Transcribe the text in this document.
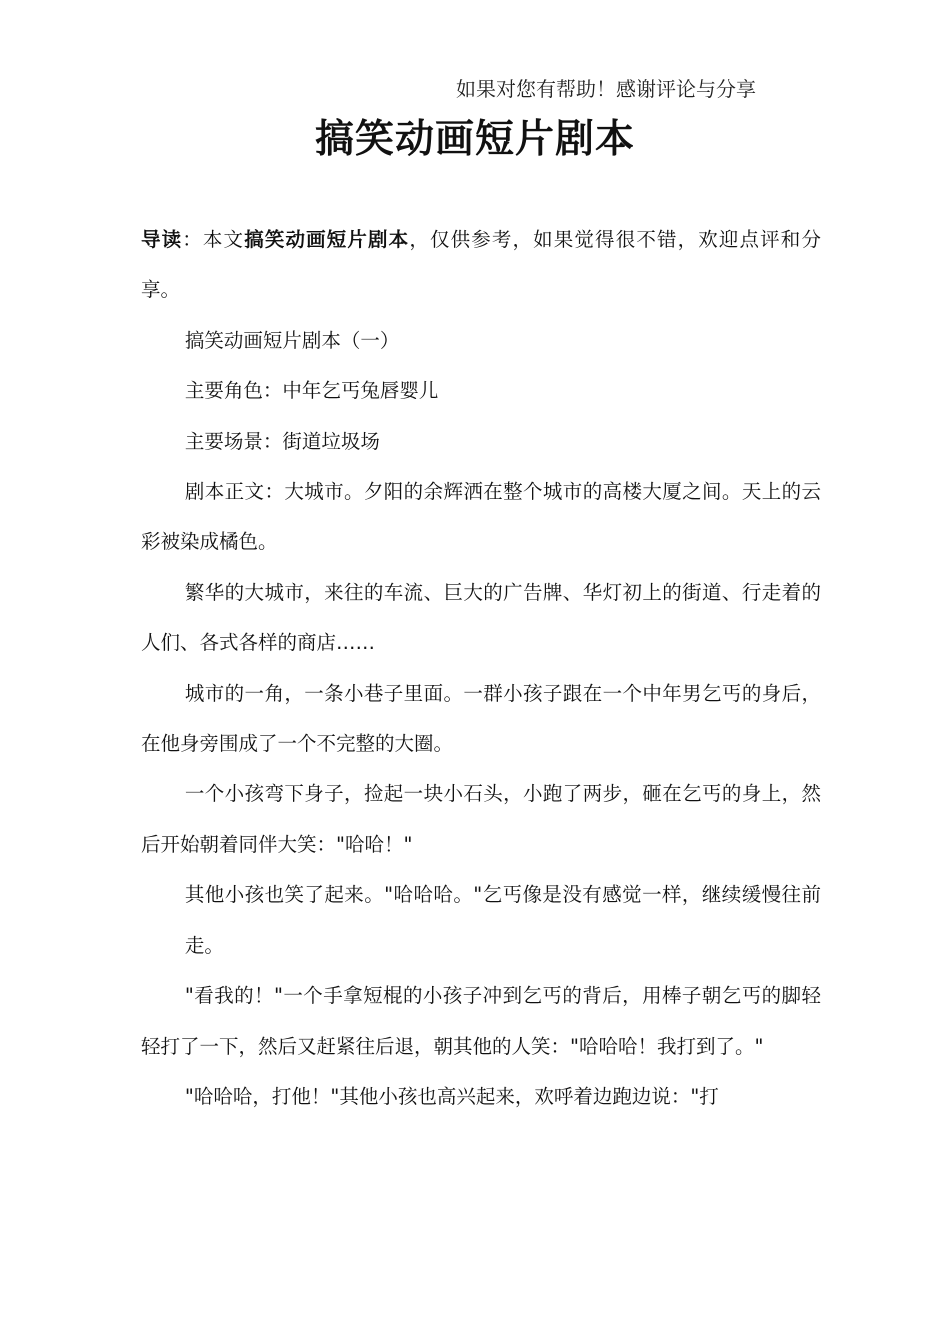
如果对您有帮助！感谢评论与分享
搞笑动画短片剧本

导读：本文搞笑动画短片剧本，仅供参考，如果觉得很不错，欢迎点评和分享。

搞笑动画短片剧本（一）

主要角色：中年乞丐兔唇婴儿

主要场景：街道垃圾场

剧本正文：大城市。夕阳的余辉洒在整个城市的高楼大厦之间。天上的云彩被染成橘色。

繁华的大城市，来往的车流、巨大的广告牌、华灯初上的街道、行走着的人们、各式各样的商店……

城市的一角，一条小巷子里面。一群小孩子跟在一个中年男乞丐的身后，在他身旁围成了一个不完整的大圈。

一个小孩弯下身子，捡起一块小石头，小跑了两步，砸在乞丐的身上，然后开始朝着同伴大笑："哈哈！"

其他小孩也笑了起来。"哈哈哈。"乞丐像是没有感觉一样，继续缓慢往前走。

"看我的！"一个手拿短棍的小孩子冲到乞丐的背后，用棒子朝乞丐的脚轻轻打了一下，然后又赶紧往后退，朝其他的人笑："哈哈哈！我打到了。"

"哈哈哈，打他！"其他小孩也高兴起来，欢呼着边跑边说："打
